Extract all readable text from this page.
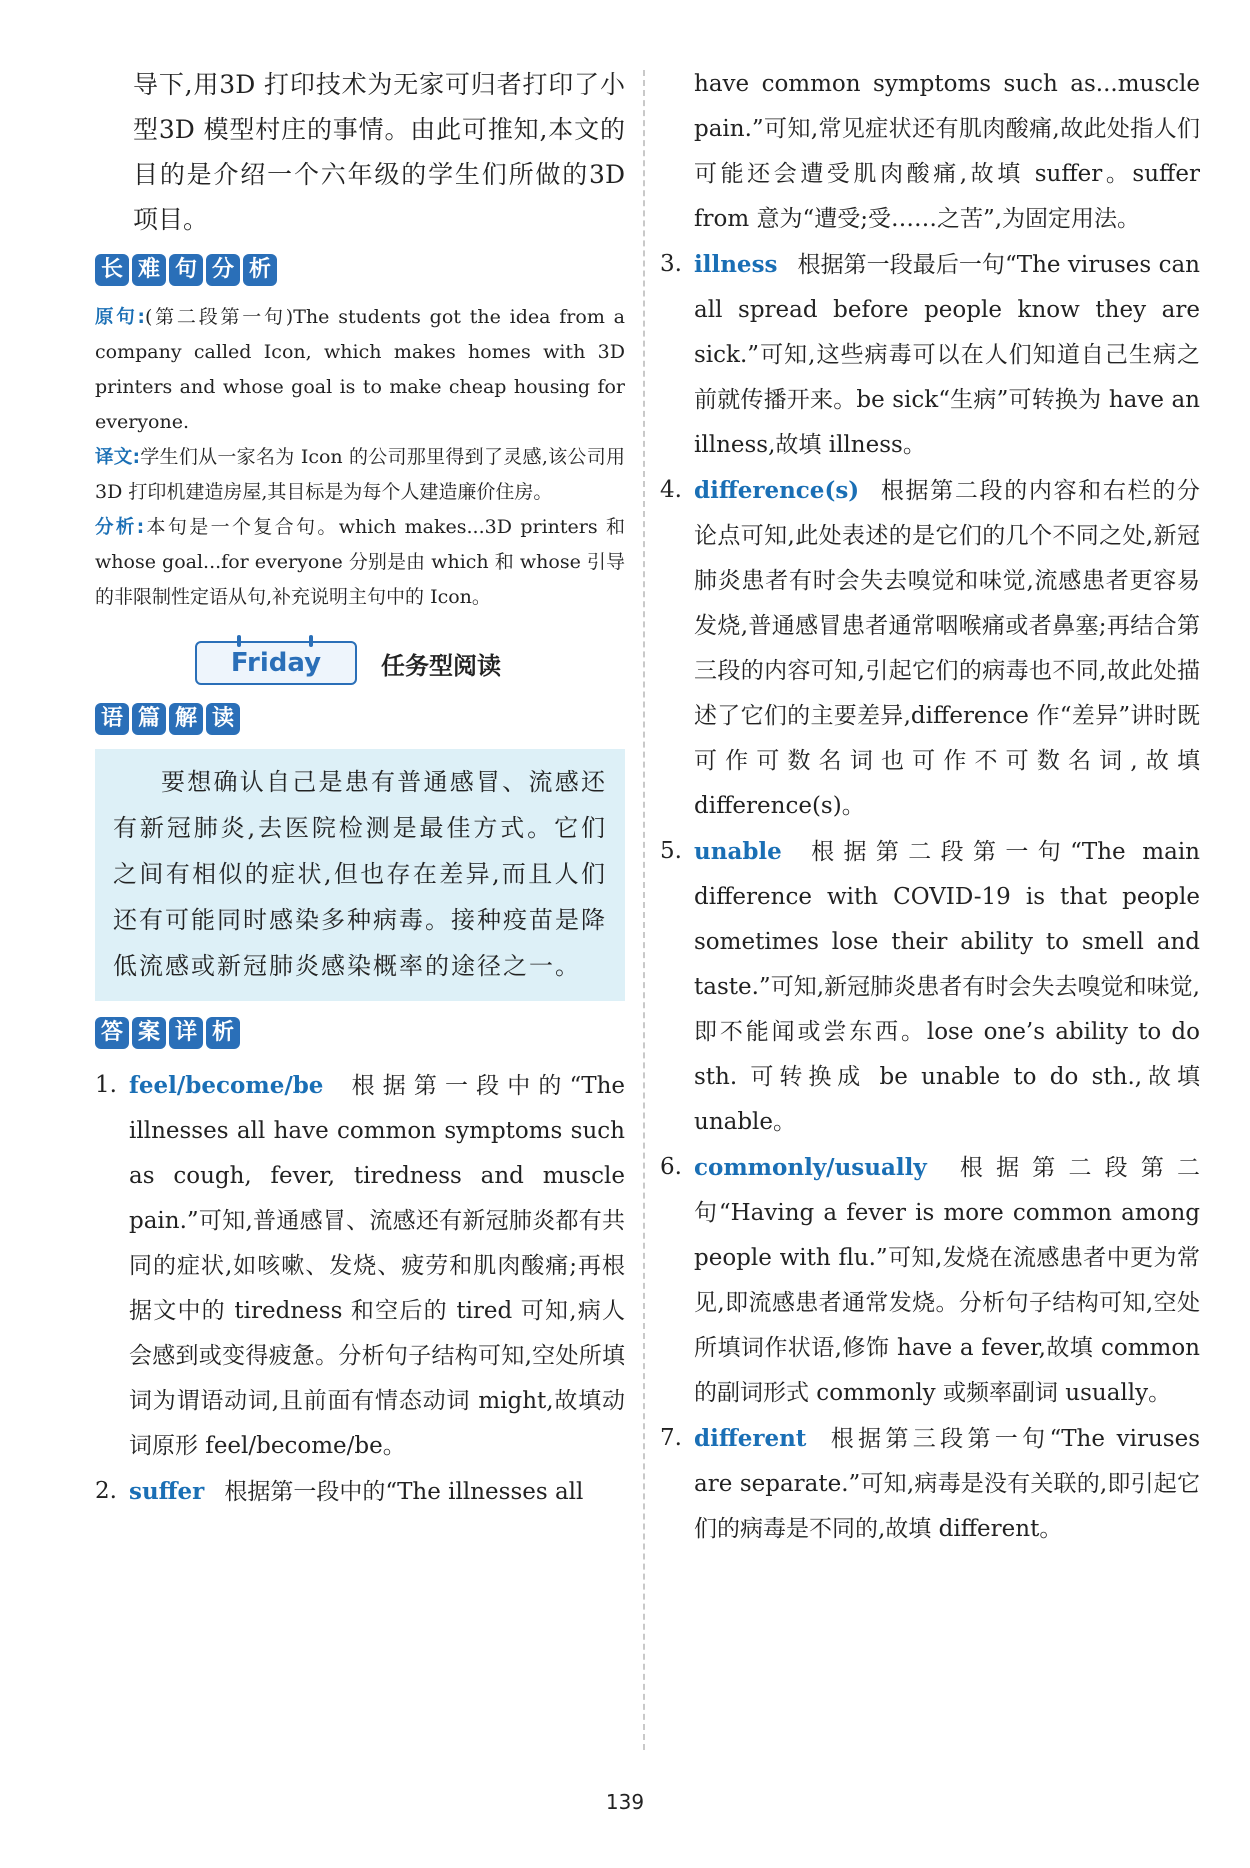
导下,用3D 打印技术为无家可归者打印了小型3D 模型村庄的事情。由此可推知,本文的目的是介绍一个六年级的学生们所做的3D 项目。

长 难 句 分 析

原句:(第二段第一句)The students got the idea from a company called Icon, which makes homes with 3D printers and whose goal is to make cheap housing for everyone.

译文:学生们从一家名为 Icon 的公司那里得到了灵感,该公司用3D 打印机建造房屋,其目标是为每个人建造廉价住房。

分析:本句是一个复合句。which makes...3D printers 和 whose goal...for everyone 分别是由 which 和 whose 引导的非限制性定语从句,补充说明主句中的 Icon。

Friday	任务型阅读
语 篇 解 读
要想确认自己是患有普通感冒、流感还有新冠肺炎,去医院检测是最佳方式。它们之间有相似的症状,但也存在差异,而且人们还有可能同时感染多种病毒。接种疫苗是降低流感或新冠肺炎感染概率的途径之一。
答 案 详 析
1. feel/become/be 根据第一段中的“The illnesses all have common symptoms such as cough, fever, tiredness and muscle pain.”可知,普通感冒、流感还有新冠肺炎都有共同的症状,如咳嗽、发烧、疲劳和肌肉酸痛;再根据文中的 tiredness 和空后的 tired 可知,病人会感到或变得疲惫。分析句子结构可知,空处所填词为谓语动词,且前面有情态动词 might,故填动词原形 feel/become/be。
2. suffer 根据第一段中的“The illnesses all
have common symptoms such as...muscle pain.”可知,常见症状还有肌肉酸痛,故此处指人们可能还会遭受肌肉酸痛,故填 suffer。suffer from 意为“遭受;受……之苦”,为固定用法。
3. illness 根据第一段最后一句“The viruses can all spread before people know they are sick.”可知,这些病毒可以在人们知道自己生病之前就传播开来。be sick“生病”可转换为 have an illness,故填 illness。
4. difference(s) 根据第二段的内容和右栏的分论点可知,此处表述的是它们的几个不同之处,新冠肺炎患者有时会失去嗅觉和味觉,流感患者更容易发烧,普通感冒患者通常咽喉痛或者鼻塞;再结合第三段的内容可知,引起它们的病毒也不同,故此处描述了它们的主要差异,difference 作“差异”讲时既可作可数名词也可作不可数名词,故填 difference(s)。
5. unable 根据第二段第一句“The main difference with COVID-19 is that people sometimes lose their ability to smell and taste.”可知,新冠肺炎患者有时会失去嗅觉和味觉,即不能闻或尝东西。lose one’s ability to do sth. 可转换成 be unable to do sth.,故填 unable。
6. commonly/usually 根据第二段第二句“Having a fever is more common among people with flu.”可知,发烧在流感患者中更为常见,即流感患者通常发烧。分析句子结构可知,空处所填词作状语,修饰 have a fever,故填 common 的副词形式 commonly 或频率副词 usually。
7. different 根据第三段第一句“The viruses are separate.”可知,病毒是没有关联的,即引起它们的病毒是不同的,故填 different。
139
